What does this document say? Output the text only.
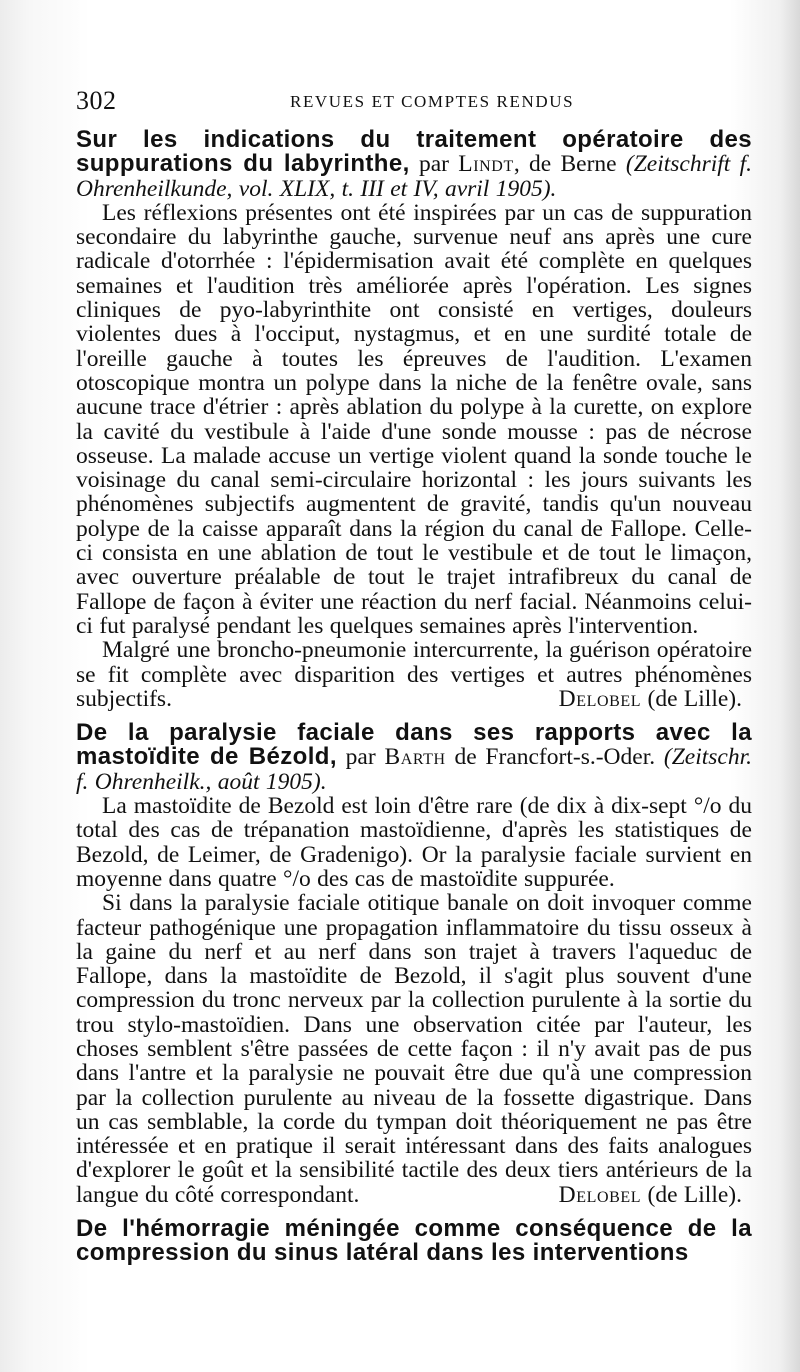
302	REVUES ET COMPTES RENDUS

Sur les indications du traitement opératoire des suppurations du labyrinthe, par Lindt, de Berne (Zeitschrift f. Ohrenheilkunde, vol. XLIX, t. III et IV, avril 1905).

Les réflexions présentes ont été inspirées par un cas de suppuration secondaire du labyrinthe gauche, survenue neuf ans après une cure radicale d'otorrhée : l'épidermisation avait été complète en quelques semaines et l'audition très améliorée après l'opération. Les signes cliniques de pyo-labyrinthite ont consisté en vertiges, douleurs violentes dues à l'occiput, nystagmus, et en une surdité totale de l'oreille gauche à toutes les épreuves de l'audition. L'examen otoscopique montra un polype dans la niche de la fenêtre ovale, sans aucune trace d'étrier : après ablation du polype à la curette, on explore la cavité du vestibule à l'aide d'une sonde mousse : pas de nécrose osseuse. La malade accuse un vertige violent quand la sonde touche le voisinage du canal semi-circulaire horizontal : les jours suivants les phénomènes subjectifs augmentent de gravité, tandis qu'un nouveau polype de la caisse apparaît dans la région du canal de Fallope. Celle-ci consista en une ablation de tout le vestibule et de tout le limaçon, avec ouverture préalable de tout le trajet intrafibreux du canal de Fallope de façon à éviter une réaction du nerf facial. Néanmoins celui-ci fut paralysé pendant les quelques semaines après l'intervention.

Malgré une broncho-pneumonie intercurrente, la guérison opératoire se fit complète avec disparition des vertiges et autres phénomènes subjectifs.	Delobel (de Lille).

De la paralysie faciale dans ses rapports avec la mastoïdite de Bézold, par Barth de Francfort-s.-Oder. (Zeitschr. f. Ohrenheilk., août 1905).

La mastoïdite de Bezold est loin d'être rare (de dix à dix-sept °/o du total des cas de trépanation mastoïdienne, d'après les statistiques de Bezold, de Leimer, de Gradenigo). Or la paralysie faciale survient en moyenne dans quatre °/o des cas de mastoïdite suppurée.

Si dans la paralysie faciale otitique banale on doit invoquer comme facteur pathogénique une propagation inflammatoire du tissu osseux à la gaine du nerf et au nerf dans son trajet à travers l'aqueduc de Fallope, dans la mastoïdite de Bezold, il s'agit plus souvent d'une compression du tronc nerveux par la collection purulente à la sortie du trou stylo-mastoïdien. Dans une observation citée par l'auteur, les choses semblent s'être passées de cette façon : il n'y avait pas de pus dans l'antre et la paralysie ne pouvait être due qu'à une compression par la collection purulente au niveau de la fossette digastrique. Dans un cas semblable, la corde du tympan doit théoriquement ne pas être intéressée et en pratique il serait intéressant dans des faits analogues d'explorer le goût et la sensibilité tactile des deux tiers antérieurs de la langue du côté correspondant.	Delobel (de Lille).

De l'hémorragie méningée comme conséquence de la compression du sinus latéral dans les interventions
